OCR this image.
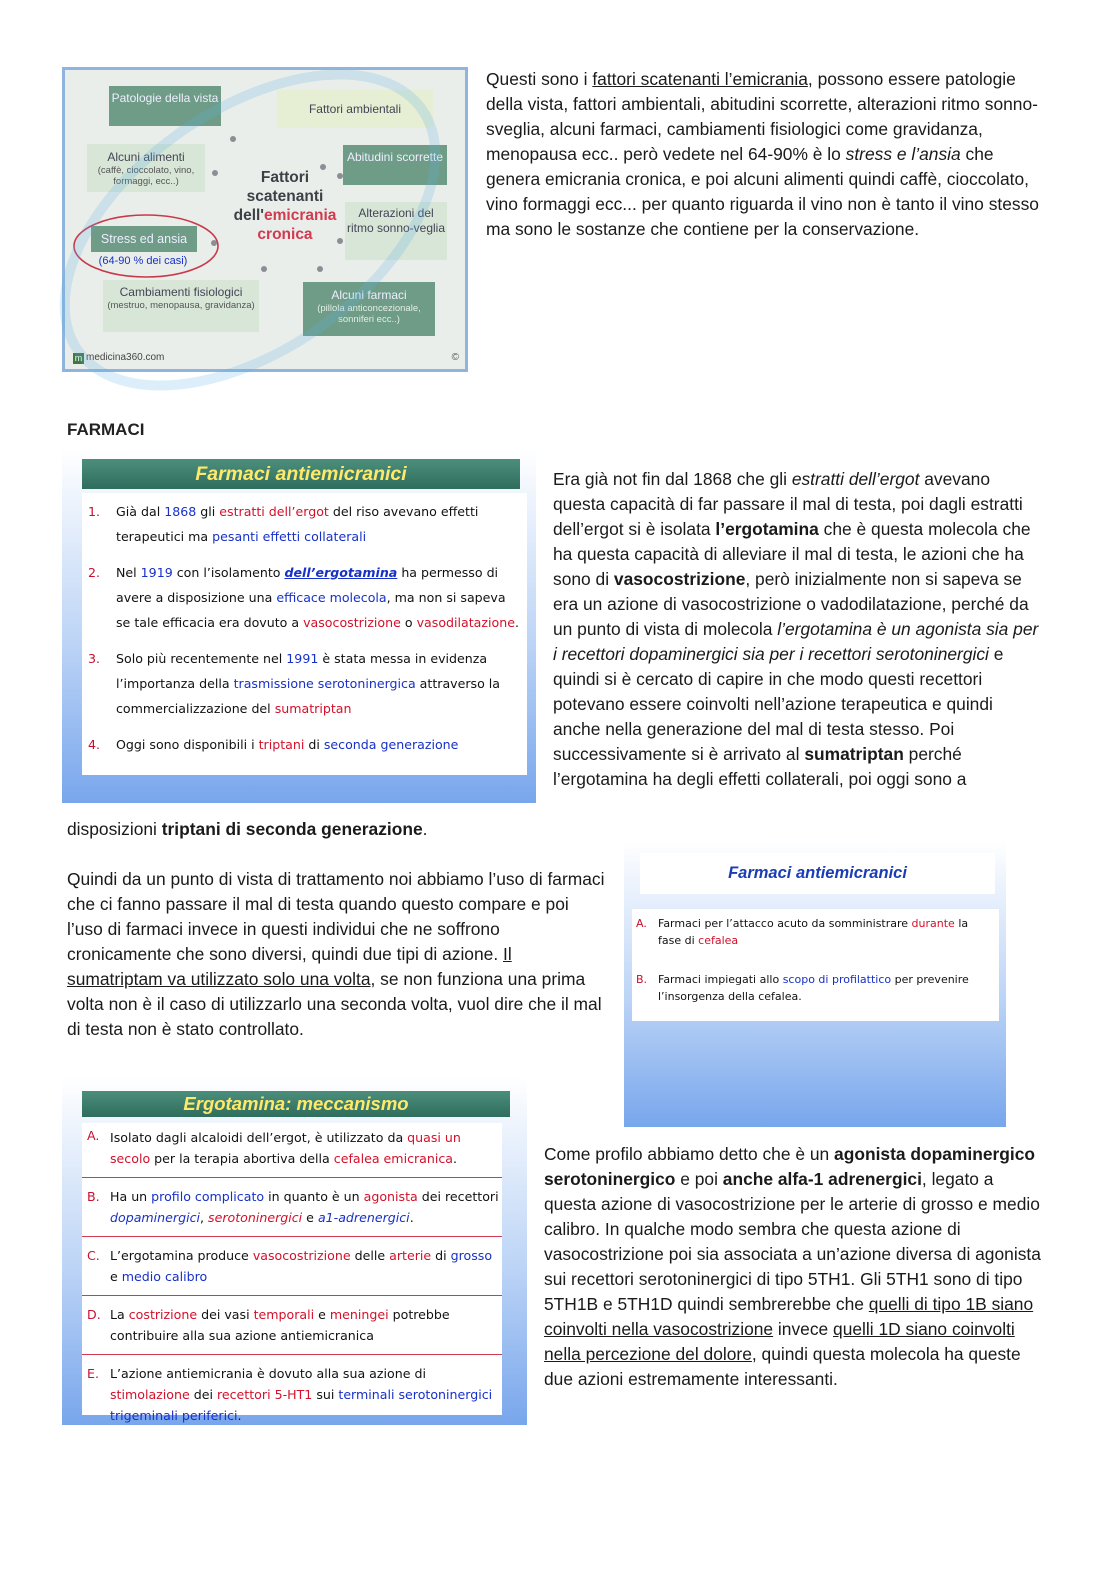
Patologie della vista
Fattori ambientali
Alcuni alimenti
(caffè, cioccolato, vino, formaggi, ecc..)
Abitudini scorrette
Alterazioni del ritmo sonno-veglia
Fattori
scatenanti
dell'emicrania
cronica
Stress ed ansia
(64-90 % dei casi)
Cambiamenti fisiologici
(mestruo, menopausa, gravidanza)
Alcuni farmaci
(pillola anticoncezionale, sonniferi ecc..)
m medicina360.com	©
Questi sono i fattori scatenanti l’emicrania, possono essere patologie della vista, fattori ambientali, abitudini scorrette, alterazioni ritmo sonno-sveglia, alcuni farmaci, cambiamenti fisiologici come gravidanza, menopausa ecc.. però vedete nel 64-90% è lo stress e l’ansia che genera emicrania cronica, e poi alcuni alimenti quindi caffè, cioccolato, vino formaggi ecc... per quanto riguarda il vino non è tanto il vino stesso ma sono le sostanze che contiene per la conservazione.
FARMACI
Farmaci antiemicranici
1. Già dal 1868 gli estratti dell’ergot del riso avevano effetti terapeutici ma pesanti effetti collaterali
2. Nel 1919 con l’isolamento dell’ergotamina ha permesso di avere a disposizione una efficace molecola, ma non si sapeva se tale efficacia era dovuto a vasocostrizione o vasodilatazione.
3. Solo più recentemente nel 1991 è stata messa in evidenza l’importanza della trasmissione serotoninergica attraverso la commercializzazione del sumatriptan
4. Oggi sono disponibili i triptani di seconda generazione
Era già not fin dal 1868 che gli estratti dell’ergot avevano questa capacità di far passare il mal di testa, poi dagli estratti dell’ergot si è isolata l’ergotamina che è questa molecola che ha questa capacità di alleviare il mal di testa, le azioni che ha sono di vasocostrizione, però inizialmente non si sapeva se era un azione di vasocostrizione o vadodilatazione, perché da un punto di vista di molecola l’ergotamina è un agonista sia per i recettori dopaminergici sia per i recettori serotoninergici e quindi si è cercato di capire in che modo questi recettori potevano essere coinvolti nell’azione terapeutica e quindi anche nella generazione del mal di testa stesso. Poi successivamente si è arrivato al sumatriptan perché l’ergotamina ha degli effetti collaterali, poi oggi sono a
disposizioni triptani di seconda generazione.
Quindi da un punto di vista di trattamento noi abbiamo l’uso di farmaci che ci fanno passare il mal di testa quando questo compare e poi l’uso di farmaci invece in questi individui che ne soffrono cronicamente che sono diversi, quindi due tipi di azione. Il sumatriptam va utilizzato solo una volta, se non funziona una prima volta non è il caso di utilizzarlo una seconda volta, vuol dire che il mal di testa non è stato controllato.
Farmaci antiemicranici
A. Farmaci per l’attacco acuto da somministrare durante la fase di cefalea
B. Farmaci impiegati allo scopo di profilattico per prevenire l’insorgenza della cefalea.
Ergotamina: meccanismo
A. Isolato dagli alcaloidi dell’ergot, è utilizzato da quasi un secolo per la terapia abortiva della cefalea emicranica.
B. Ha un profilo complicato in quanto è un agonista dei recettori dopaminergici, serotoninergici e a1-adrenergici.
C. L’ergotamina produce vasocostrizione delle arterie di grosso e medio calibro
D. La costrizione dei vasi temporali e meningei potrebbe contribuire alla sua azione antiemicranica
E. L’azione antiemicrania è dovuto alla sua azione di stimolazione dei recettori 5-HT1 sui terminali serotoninergici trigeminali periferici.
Come profilo abbiamo detto che è un agonista dopaminergico serotoninergico e poi anche alfa-1 adrenergici, legato a questa azione di vasocostrizione per le arterie di grosso e medio calibro. In qualche modo sembra che questa azione di vasocostrizione poi sia associata a un’azione diversa di agonista sui recettori serotoninergici di tipo 5TH1. Gli 5TH1 sono di tipo 5TH1B e 5TH1D quindi sembrerebbe che quelli di tipo 1B siano coinvolti nella vasocostrizione invece quelli 1D siano coinvolti nella percezione del dolore, quindi questa molecola ha queste due azioni estremamente interessanti.
